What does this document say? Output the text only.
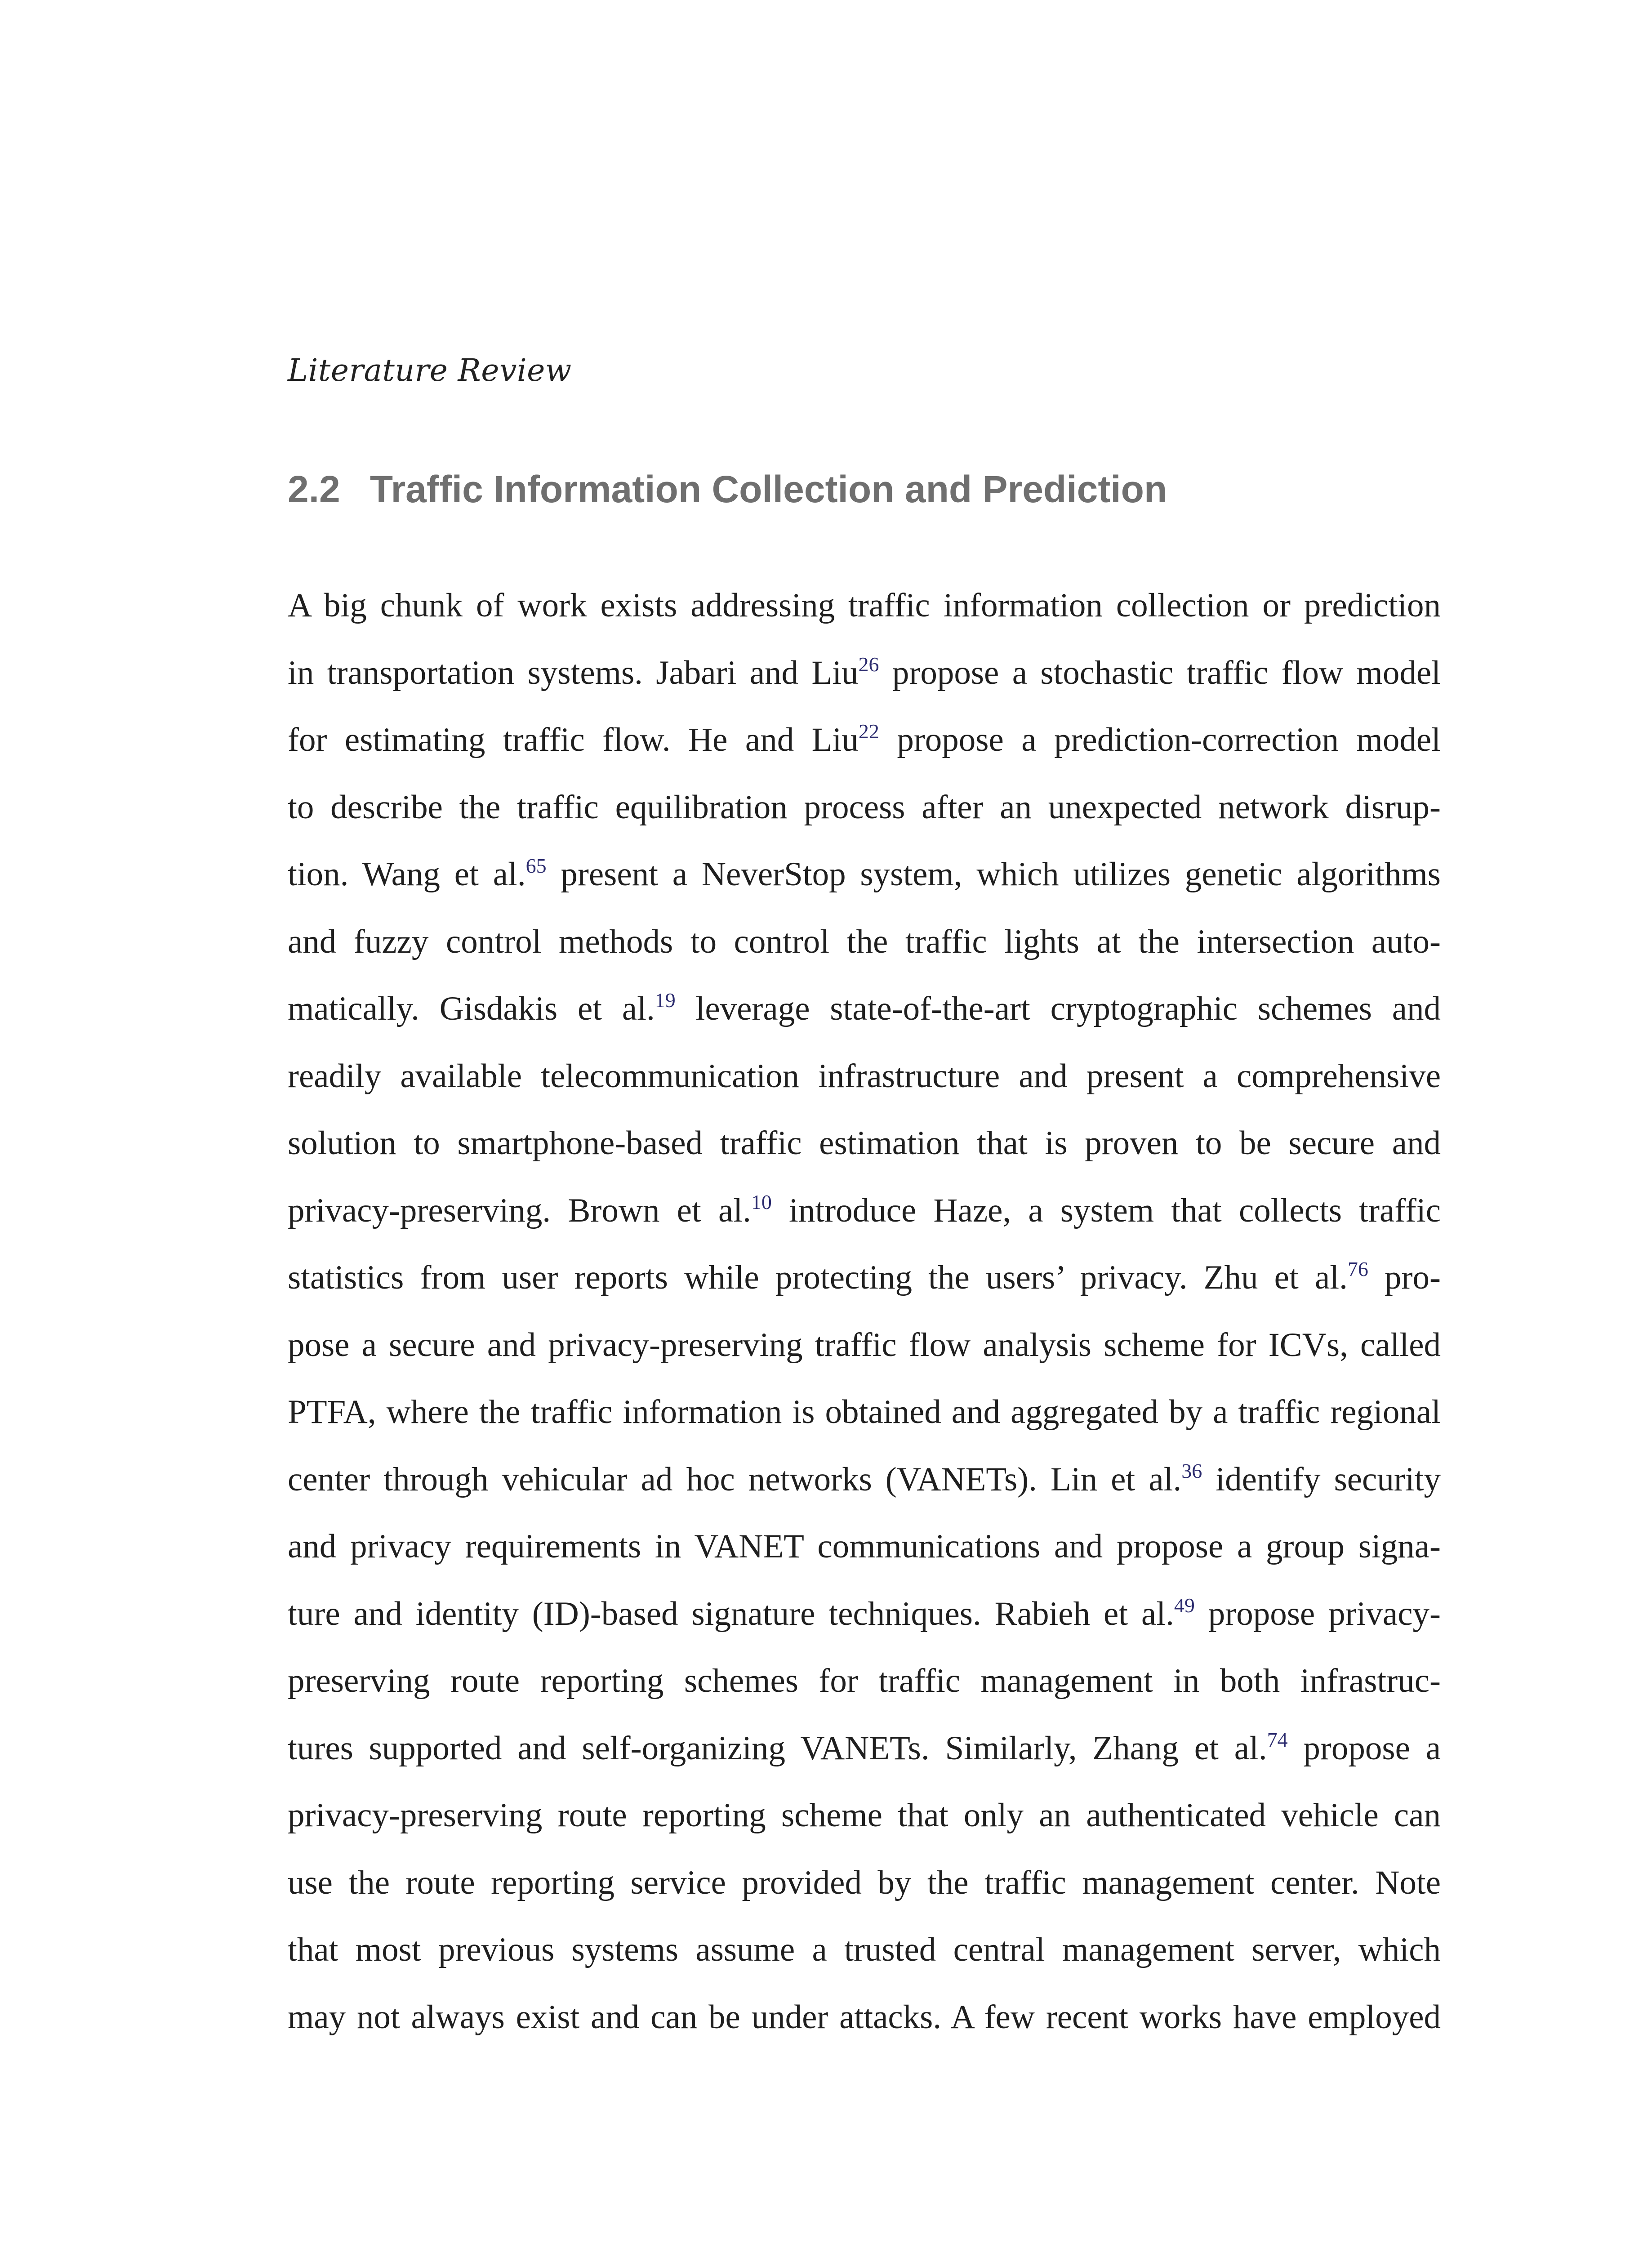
Literature Review
2.2 Traffic Information Collection and Prediction
A big chunk of work exists addressing traffic information collection or prediction
in transportation systems. Jabari and Liu$^{26}$ propose a stochastic traffic flow model
for estimating traffic flow. He and Liu$^{22}$ propose a prediction-correction model
to describe the traffic equilibration process after an unexpected network disrup-
tion. Wang et al.$^{65}$ present a NeverStop system, which utilizes genetic algorithms
and fuzzy control methods to control the traffic lights at the intersection auto-
matically. Gisdakis et al.$^{19}$ leverage state-of-the-art cryptographic schemes and
readily available telecommunication infrastructure and present a comprehensive
solution to smartphone-based traffic estimation that is proven to be secure and
privacy-preserving. Brown et al.$^{10}$ introduce Haze, a system that collects traffic
statistics from user reports while protecting the users’ privacy. Zhu et al.$^{76}$ pro-
pose a secure and privacy-preserving traffic flow analysis scheme for ICVs, called
PTFA, where the traffic information is obtained and aggregated by a traffic regional
center through vehicular ad hoc networks (VANETs). Lin et al.$^{36}$ identify security
and privacy requirements in VANET communications and propose a group signa-
ture and identity (ID)-based signature techniques. Rabieh et al.$^{49}$ propose privacy-
preserving route reporting schemes for traffic management in both infrastruc-
tures supported and self-organizing VANETs. Similarly, Zhang et al.$^{74}$ propose a
privacy-preserving route reporting scheme that only an authenticated vehicle can
use the route reporting service provided by the traffic management center. Note
that most previous systems assume a trusted central management server, which
may not always exist and can be under attacks. A few recent works have employed
